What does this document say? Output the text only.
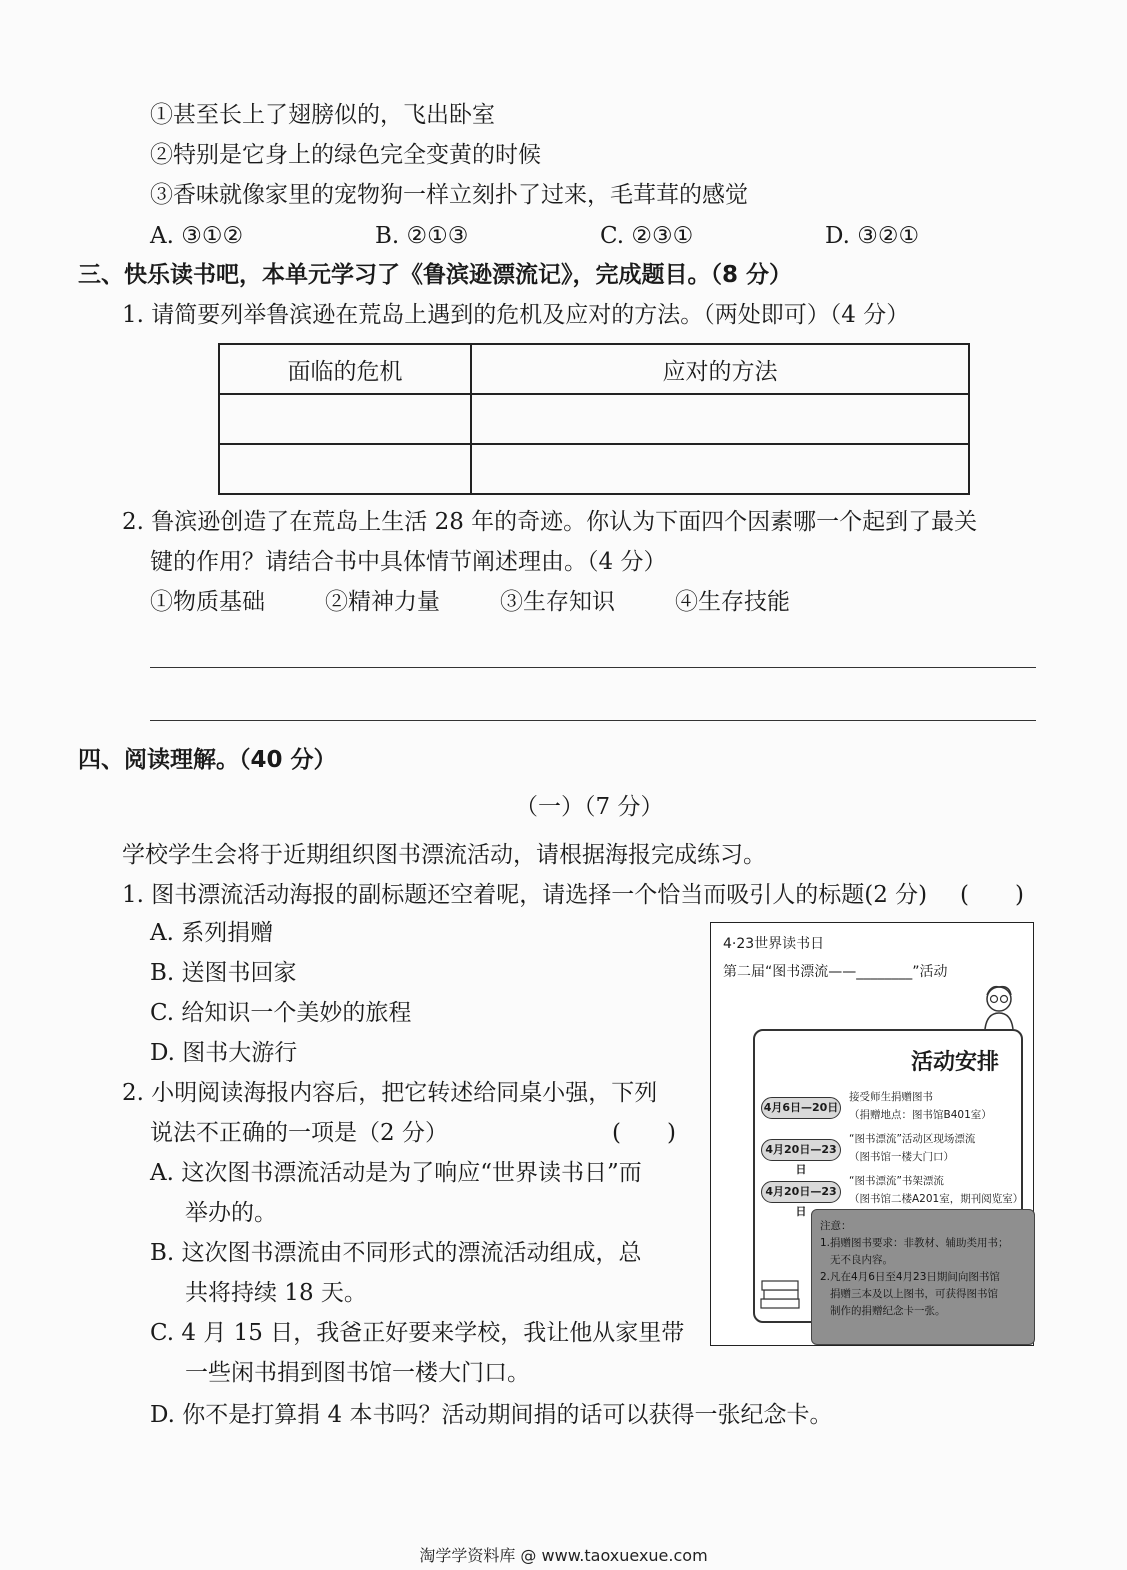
①甚至长上了翅膀似的，飞出卧室
②特别是它身上的绿色完全变黄的时候
③香味就像家里的宠物狗一样立刻扑了过来，毛茸茸的感觉
A. ③①②	B. ②①③	C. ②③①	D. ③②①
三、快乐读书吧，本单元学习了《鲁滨逊漂流记》，完成题目。（8 分）
1. 请简要列举鲁滨逊在荒岛上遇到的危机及应对的方法。（两处即可）（4 分）
面临的危机	应对的方法

2. 鲁滨逊创造了在荒岛上生活 28 年的奇迹。你认为下面四个因素哪一个起到了最关
键的作用？请结合书中具体情节阐述理由。（4 分）
①物质基础	②精神力量	③生存知识	④生存技能
四、阅读理解。（40 分）
（一）（7 分）
学校学生会将于近期组织图书漂流活动，请根据海报完成练习。
1. 图书漂流活动海报的副标题还空着呢，请选择一个恰当而吸引人的标题(2 分) (　　)
A. 系列捐赠
B. 送图书回家
C. 给知识一个美妙的旅程
D. 图书大游行
2. 小明阅读海报内容后，把它转述给同桌小强，下列
说法不正确的一项是（2 分）	(　　)
A. 这次图书漂流活动是为了响应“世界读书日”而
举办的。
B. 这次图书漂流由不同形式的漂流活动组成，总
共将持续 18 天。
C. 4 月 15 日，我爸正好要来学校，我让他从家里带
一些闲书捐到图书馆一楼大门口。
D. 你不是打算捐 4 本书吗？活动期间捐的话可以获得一张纪念卡。
4·23世界读书日
第二届“图书漂流——________”活动
活动安排
4月6日—20日
接受师生捐赠图书
（捐赠地点：图书馆B401室）
4月20日—23日
“图书漂流”活动区现场漂流
（图书馆一楼大门口）
4月20日—23日
“图书漂流”书架漂流
（图书馆二楼A201室，期刊阅览室）
注意：
1.捐赠图书要求：非教材、辅助类用书；
无不良内容。
2.凡在4月6日至4月23日期间向图书馆
捐赠三本及以上图书，可获得图书馆
制作的捐赠纪念卡一张。
淘学学资料库 @ www.taoxuexue.com
